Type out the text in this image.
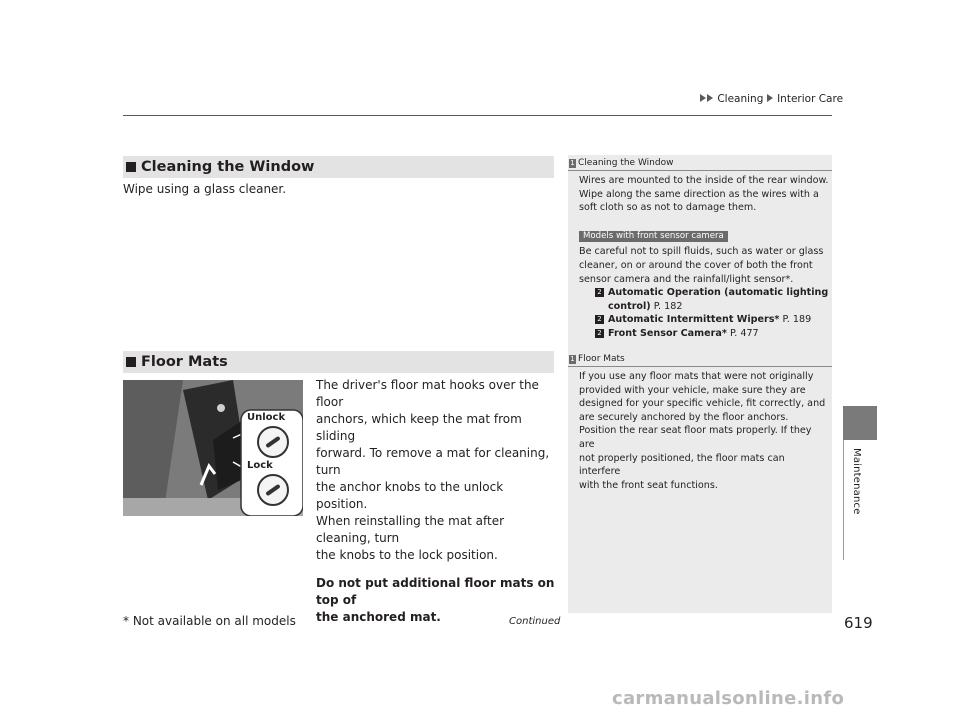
Cleaning Interior Care
Maintenance
Cleaning the Window
Wipe using a glass cleaner.
Floor Mats
Unlock
Lock
The driver's floor mat hooks over the floor
anchors, which keep the mat from sliding
forward. To remove a mat for cleaning, turn
the anchor knobs to the unlock position.
When reinstalling the mat after cleaning, turn
the knobs to the lock position.
Do not put additional floor mats on top of
the anchored mat.
1 Cleaning the Window
Wires are mounted to the inside of the rear window.
Wipe along the same direction as the wires with a
soft cloth so as not to damage them.
Models with front sensor camera
Be careful not to spill fluids, such as water or glass
cleaner, on or around the cover of both the front
sensor camera and the rainfall/light sensor*.
2 Automatic Operation (automatic lighting
control) P. 182
2 Automatic Intermittent Wipers* P. 189
2 Front Sensor Camera* P. 477
1 Floor Mats
If you use any floor mats that were not originally
provided with your vehicle, make sure they are
designed for your specific vehicle, fit correctly, and
are securely anchored by the floor anchors.
Position the rear seat floor mats properly. If they are
not properly positioned, the floor mats can interfere
with the front seat functions.
* Not available on all models	Continued	619
carmanualsonline.info
